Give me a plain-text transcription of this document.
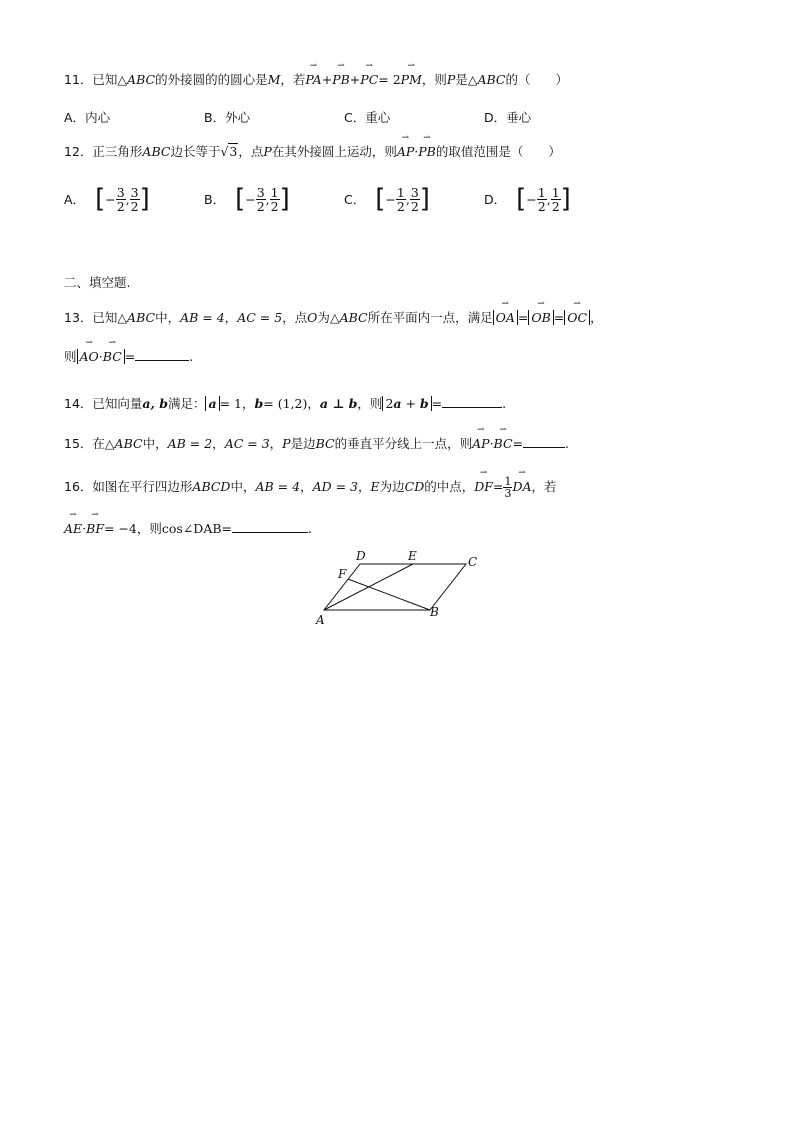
11．已知△ABC的外接圆的的圆心是M，若⇀ PA+⇀ PB+⇀ PC= 2⇀ PM，则P是△ABC的（　　）
A．内心	B．外心	C．重心	D．垂心
12．正三角形ABC边长等于√3，点P在其外接圆上运动，则⇀ AP·⇀ PB的取值范围是（　　）
A． [ − $\frac{3}{2}$ , $\frac{3}{2}$ ]	B． [ − $\frac{3}{2}$ , $\frac{1}{2}$ ]	C． [ − $\frac{1}{2}$ , $\frac{3}{2}$ ]	D． [ − $\frac{1}{2}$ , $\frac{1}{2}$ ]
二、填空题.
13．已知△ABC中，AB = 4，AC = 5，点O为△ABC所在平面内一点，满足 ⇀ OA = ⇀ OB = ⇀ OC ，
则 ⇀ AO·⇀ BC =	.
14．已知向量a, b满足： a = 1，b= (1,2)，a ⊥ b，则 2a + b =	.
15．在△ABC中，AB = 2，AC = 3，P是边BC的垂直平分线上一点，则⇀ AP·⇀ BC=	.
16．如图在平行四边形ABCD中，AB = 4，AD = 3，E为边CD的中点，⇀ $DF= \frac{1}{3}$ ⇀ DA，若
⇀ AE·⇀ BF= −4，则cos∠DAB=	.
A
B
C
D	E
F
